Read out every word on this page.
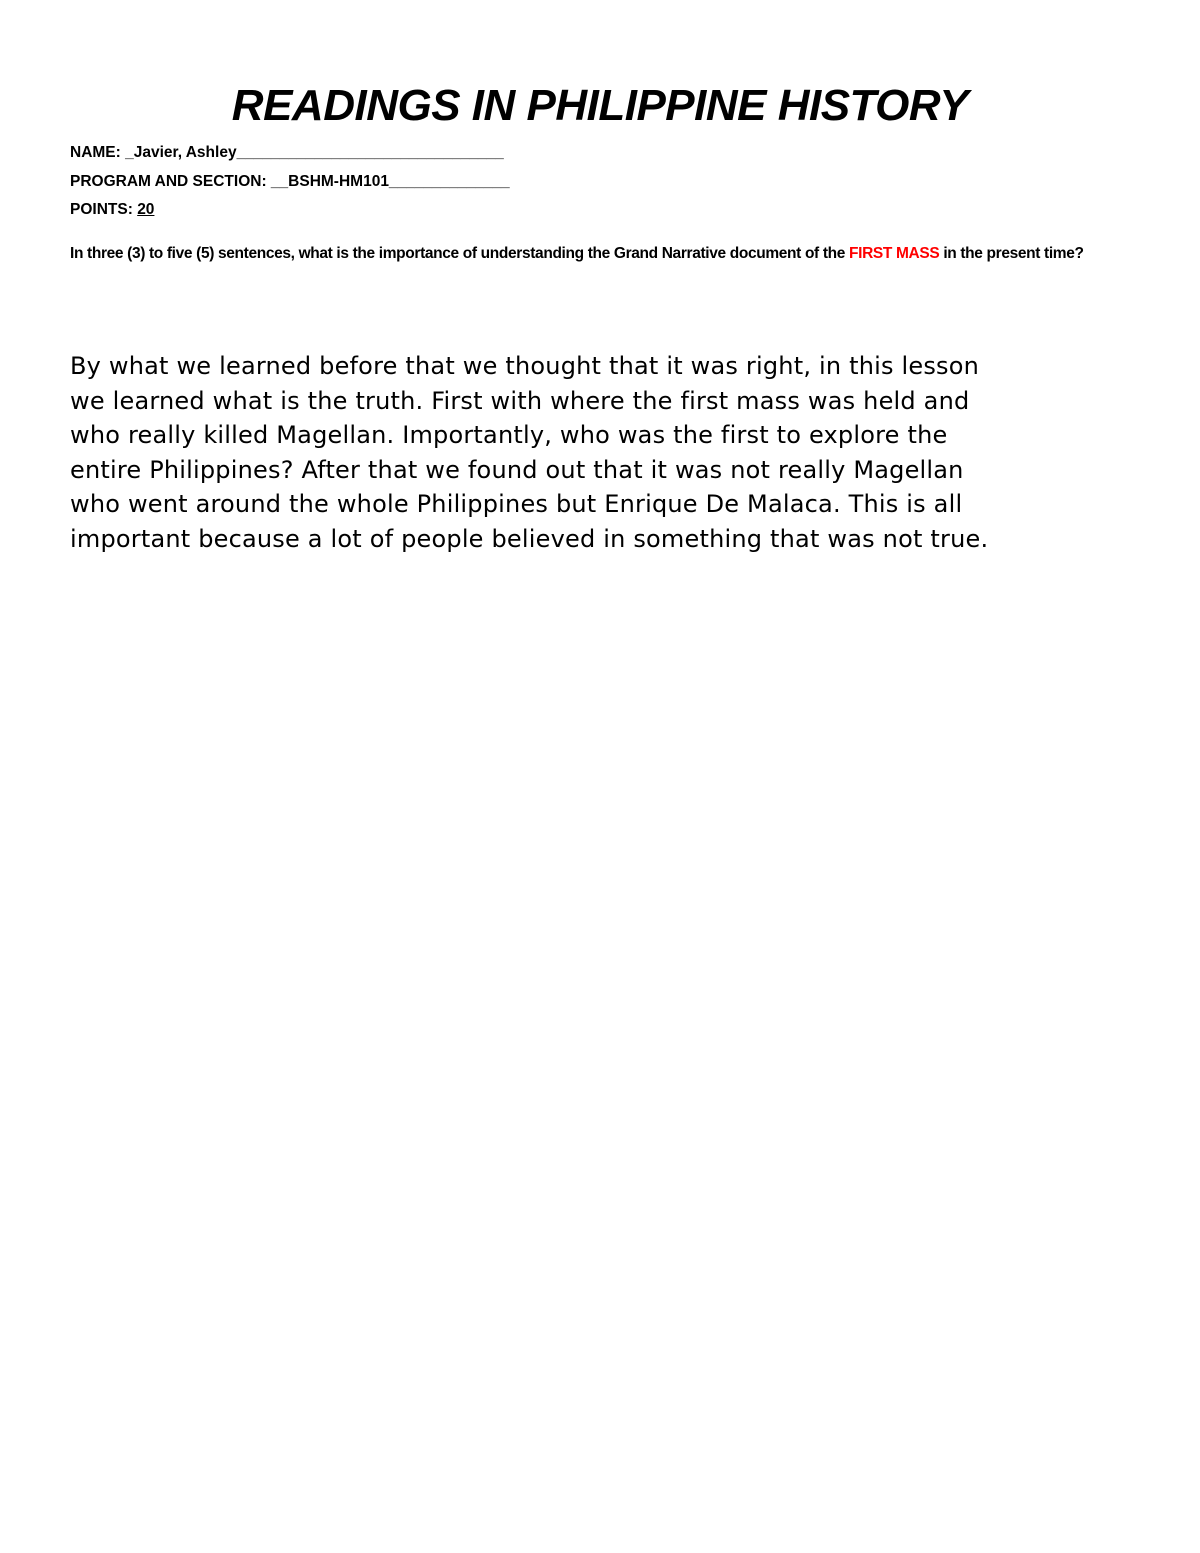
READINGS IN PHILIPPINE HISTORY
NAME: _Javier, Ashley_______________________________
PROGRAM AND SECTION: __BSHM-HM101______________
POINTS: 20
In three (3) to five (5) sentences, what is the importance of understanding the Grand Narrative document of the FIRST MASS in the present time?
By what we learned before that we thought that it was right, in this lesson
we learned what is the truth. First with where the first mass was held and
who really killed Magellan. Importantly, who was the first to explore the
entire Philippines? After that we found out that it was not really Magellan
who went around the whole Philippines but Enrique De Malaca. This is all
important because a lot of people believed in something that was not true.
